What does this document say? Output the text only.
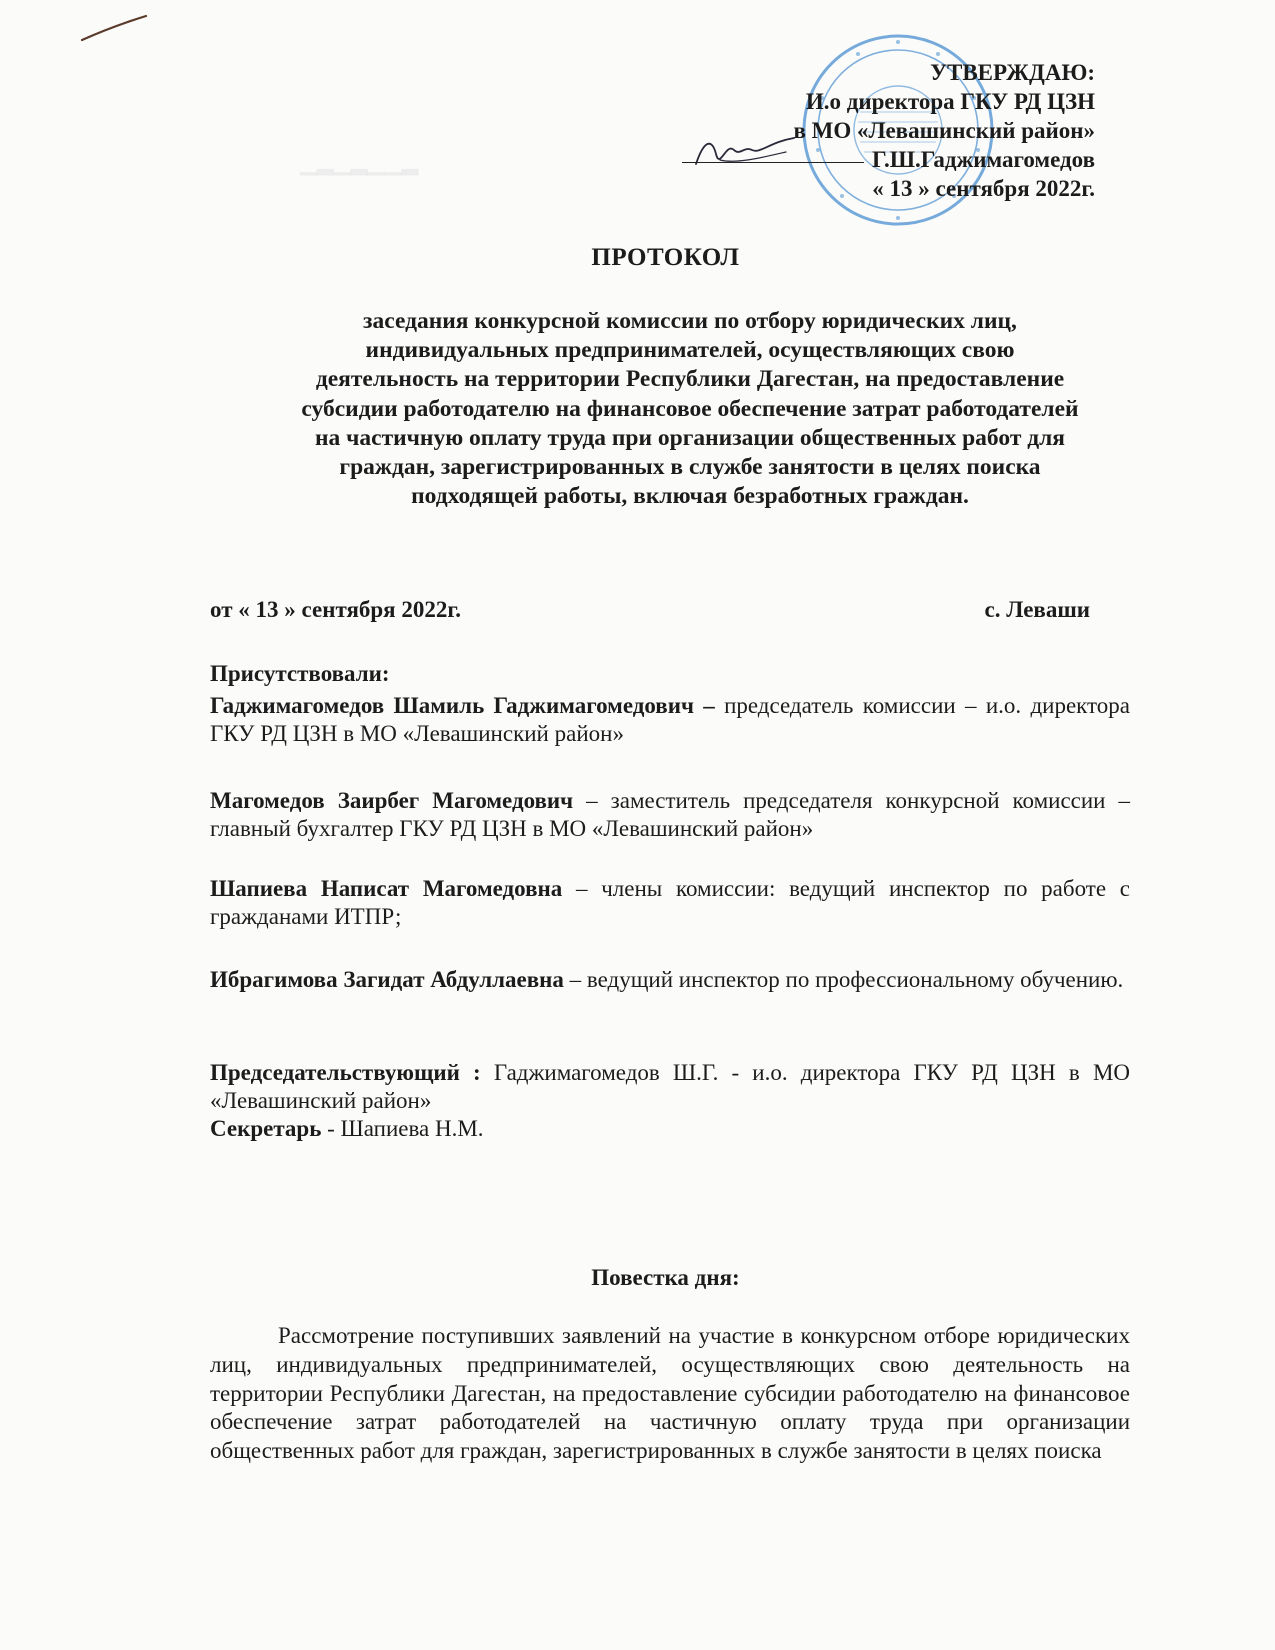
▁▂▁▂▁▁▂
УТВЕРЖДАЮ:
И.о директора ГКУ РД ЦЗН
в МО «Левашинский район»
Г.Ш.Гаджимагомедов
« 13 » сентября 2022г.
ПРОТОКОЛ
заседания конкурсной комиссии по отбору юридических лиц,
индивидуальных предпринимателей, осуществляющих свою
деятельность на территории Республики Дагестан, на предоставление
субсидии работодателю на финансовое обеспечение затрат работодателей
на частичную оплату труда при организации общественных работ для
граждан, зарегистрированных в службе занятости в целях поиска
подходящей работы, включая безработных граждан.
от « 13 » сентября 2022г.	с. Леваши
Присутствовали:
Гаджимагомедов Шамиль Гаджимагомедович – председатель комиссии – и.о. директора ГКУ РД ЦЗН в МО «Левашинский район»
Магомедов Заирбег Магомедович – заместитель председателя конкурсной комиссии – главный бухгалтер ГКУ РД ЦЗН в МО «Левашинский район»
Шапиева Написат Магомедовна – члены комиссии: ведущий инспектор по работе с гражданами ИТПР;
Ибрагимова Загидат Абдуллаевна – ведущий инспектор по профессиональному обучению.
Председательствующий : Гаджимагомедов Ш.Г. - и.о. директора ГКУ РД ЦЗН в МО «Левашинский район»
Секретарь - Шапиева Н.М.
Повестка дня:
Рассмотрение поступивших заявлений на участие в конкурсном отборе юридических лиц, индивидуальных предпринимателей, осуществляющих свою деятельность на территории Республики Дагестан, на предоставление субсидии работодателю на финансовое обеспечение затрат работодателей на частичную оплату труда при организации общественных работ для граждан, зарегистрированных в службе занятости в целях поиска
